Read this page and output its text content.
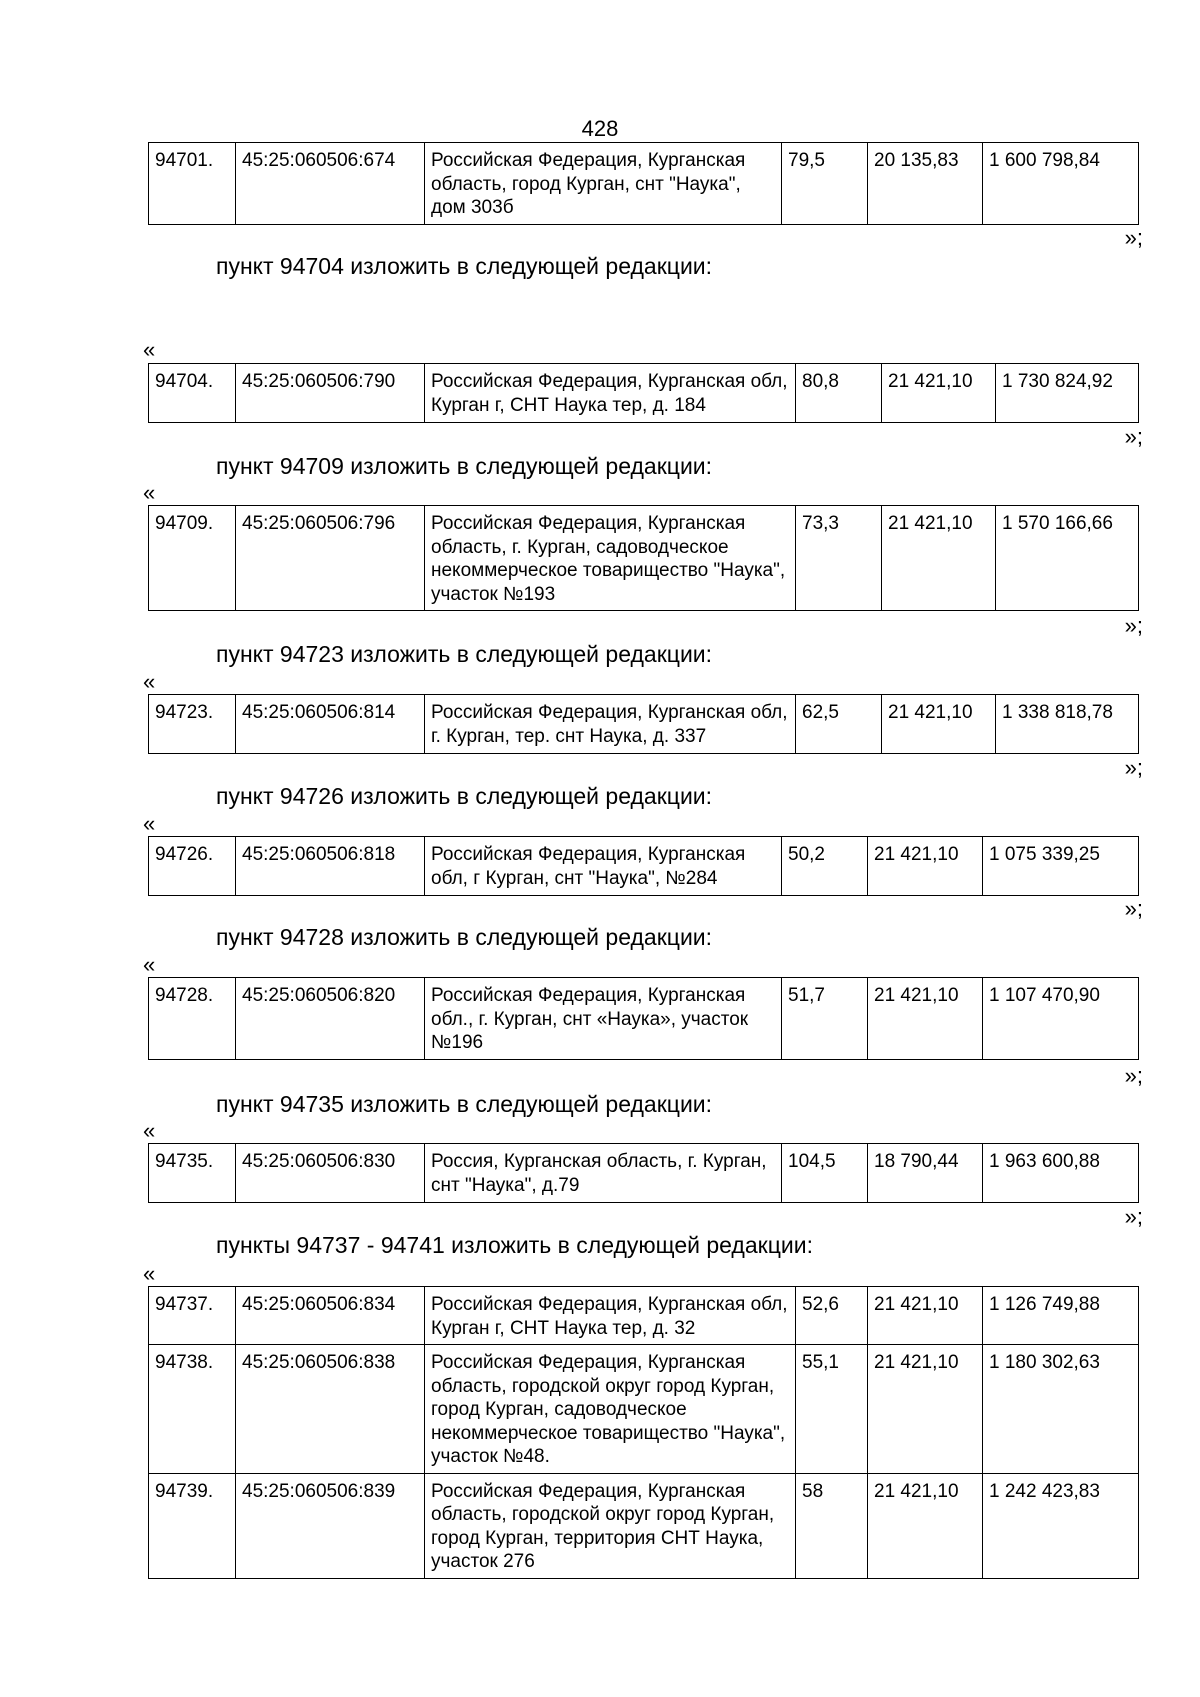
428
94701.	45:25:060506:674	Российская Федерация, Курганская область, город Курган, снт "Наука", дом 303б	79,5	20 135,83	1 600 798,84
»;
пункт 94704 изложить в следующей редакции:
«
94704.	45:25:060506:790	Российская Федерация, Курганская обл, Курган г, СНТ Наука тер, д. 184	80,8	21 421,10	1 730 824,92
»;
пункт 94709 изложить в следующей редакции:
«
94709.	45:25:060506:796	Российская Федерация, Курганская область, г. Курган, садоводческое некоммерческое товарищество "Наука", участок №193	73,3	21 421,10	1 570 166,66
»;
пункт 94723 изложить в следующей редакции:
«
94723.	45:25:060506:814	Российская Федерация, Курганская обл, г. Курган, тер. снт Наука, д. 337	62,5	21 421,10	1 338 818,78
»;
пункт 94726 изложить в следующей редакции:
«
94726.	45:25:060506:818	Российская Федерация, Курганская обл, г Курган, снт "Наука", №284	50,2	21 421,10	1 075 339,25
»;
пункт 94728 изложить в следующей редакции:
«
94728.	45:25:060506:820	Российская Федерация, Курганская обл., г. Курган, снт «Наука», участок №196	51,7	21 421,10	1 107 470,90
»;
пункт 94735 изложить в следующей редакции:
«
94735.	45:25:060506:830	Россия, Курганская область, г. Курган, снт "Наука", д.79	104,5	18 790,44	1 963 600,88
»;
пункты 94737 - 94741 изложить в следующей редакции:
«
94737.	45:25:060506:834	Российская Федерация, Курганская обл, Курган г, СНТ Наука тер, д. 32	52,6	21 421,10	1 126 749,88
94738.	45:25:060506:838	Российская Федерация, Курганская область, городской округ город Курган, город Курган, садоводческое некоммерческое товарищество "Наука", участок №48.	55,1	21 421,10	1 180 302,63
94739.	45:25:060506:839	Российская Федерация, Курганская область, городской округ город Курган, город Курган, территория СНТ Наука, участок 276	58	21 421,10	1 242 423,83
